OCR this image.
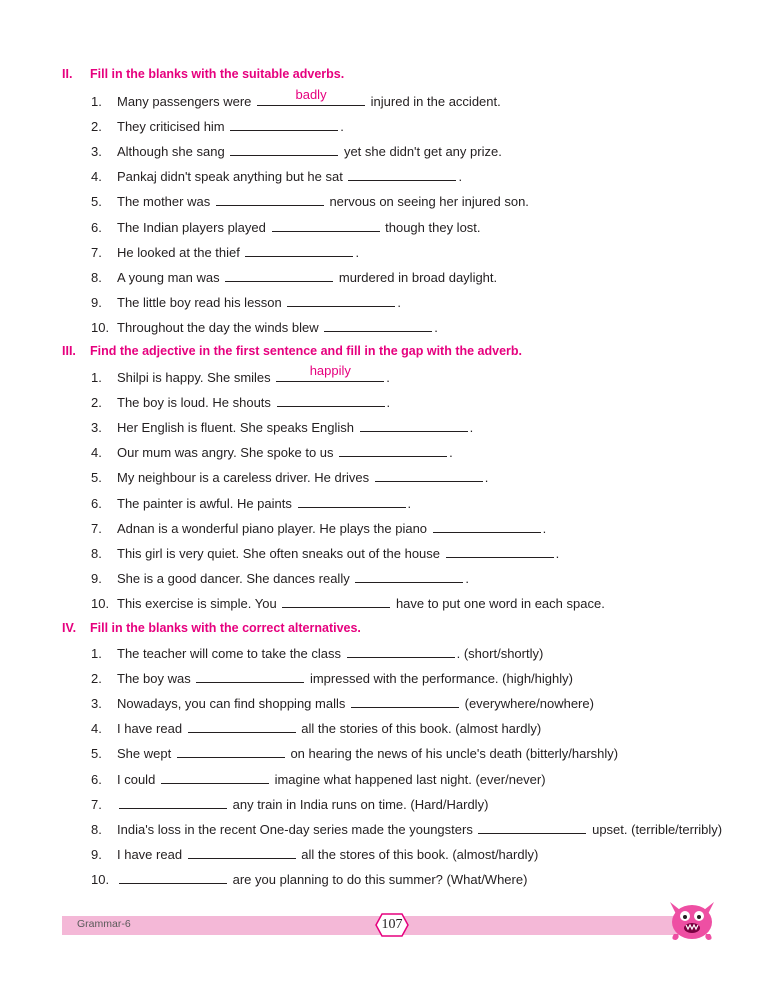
II. Fill in the blanks with the suitable adverbs.
1. Many passengers were	badly	injured in the accident.
2. They criticised him	.
3. Although she sang	yet she didn't get any prize.
4. Pankaj didn't speak anything but he sat	.
5. The mother was	nervous on seeing her injured son.
6. The Indian players played	though they lost.
7. He looked at the thief	.
8. A young man was	murdered in broad daylight.
9. The little boy read his lesson	.
10. Throughout the day the winds blew	.
III. Find the adjective in the first sentence and fill in the gap with the adverb.
1. Shilpi is happy. She smiles	happily	.
2. The boy is loud. He shouts	.
3. Her English is fluent. She speaks English	.
4. Our mum was angry. She spoke to us	.
5. My neighbour is a careless driver. He drives	.
6. The painter is awful. He paints	.
7. Adnan is a wonderful piano player. He plays the piano	.
8. This girl is very quiet. She often sneaks out of the house	.
9. She is a good dancer. She dances really	.
10. This exercise is simple. You	have to put one word in each space.
IV. Fill in the blanks with the correct alternatives.
1. The teacher will come to take the class	. (short/shortly)
2. The boy was	impressed with the performance. (high/highly)
3. Nowadays, you can find shopping malls	(everywhere/nowhere)
4. I have read	all the stories of this book. (almost hardly)
5. She wept	on hearing the news of his uncle's death (bitterly/harshly)
6. I could	imagine what happened last night. (ever/never)
7.	any train in India runs on time. (Hard/Hardly)
8. India's loss in the recent One-day series made the youngsters	upset. (terrible/terribly)
9. I have read	all the stores of this book. (almost/hardly)
10.	are you planning to do this summer? (What/Where)
Grammar-6	107
